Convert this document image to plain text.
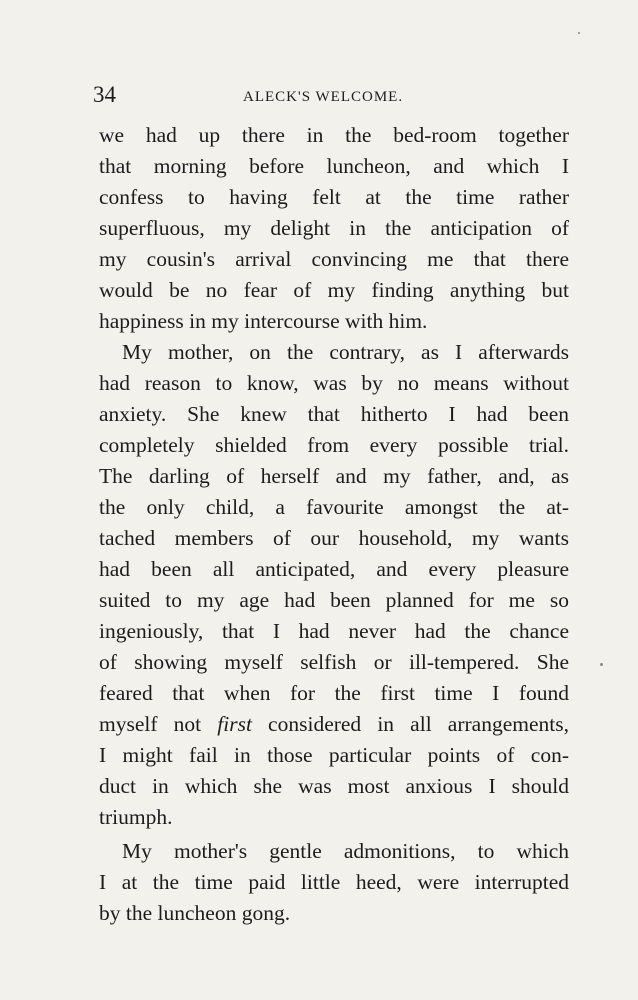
34	ALECK'S WELCOME.
we had up there in the bed-room together
that morning before luncheon, and which I
confess to having felt at the time rather
superfluous, my delight in the anticipation of
my cousin's arrival convincing me that there
would be no fear of my finding anything but
happiness in my intercourse with him.
My mother, on the contrary, as I afterwards
had reason to know, was by no means without
anxiety. She knew that hitherto I had been
completely shielded from every possible trial.
The darling of herself and my father, and, as
the only child, a favourite amongst the at-
tached members of our household, my wants
had been all anticipated, and every pleasure
suited to my age had been planned for me so
ingeniously, that I had never had the chance
of showing myself selfish or ill-tempered. She
feared that when for the first time I found
myself not first considered in all arrangements,
I might fail in those particular points of con-
duct in which she was most anxious I should
triumph.
My mother's gentle admonitions, to which
I at the time paid little heed, were interrupted
by the luncheon gong.
